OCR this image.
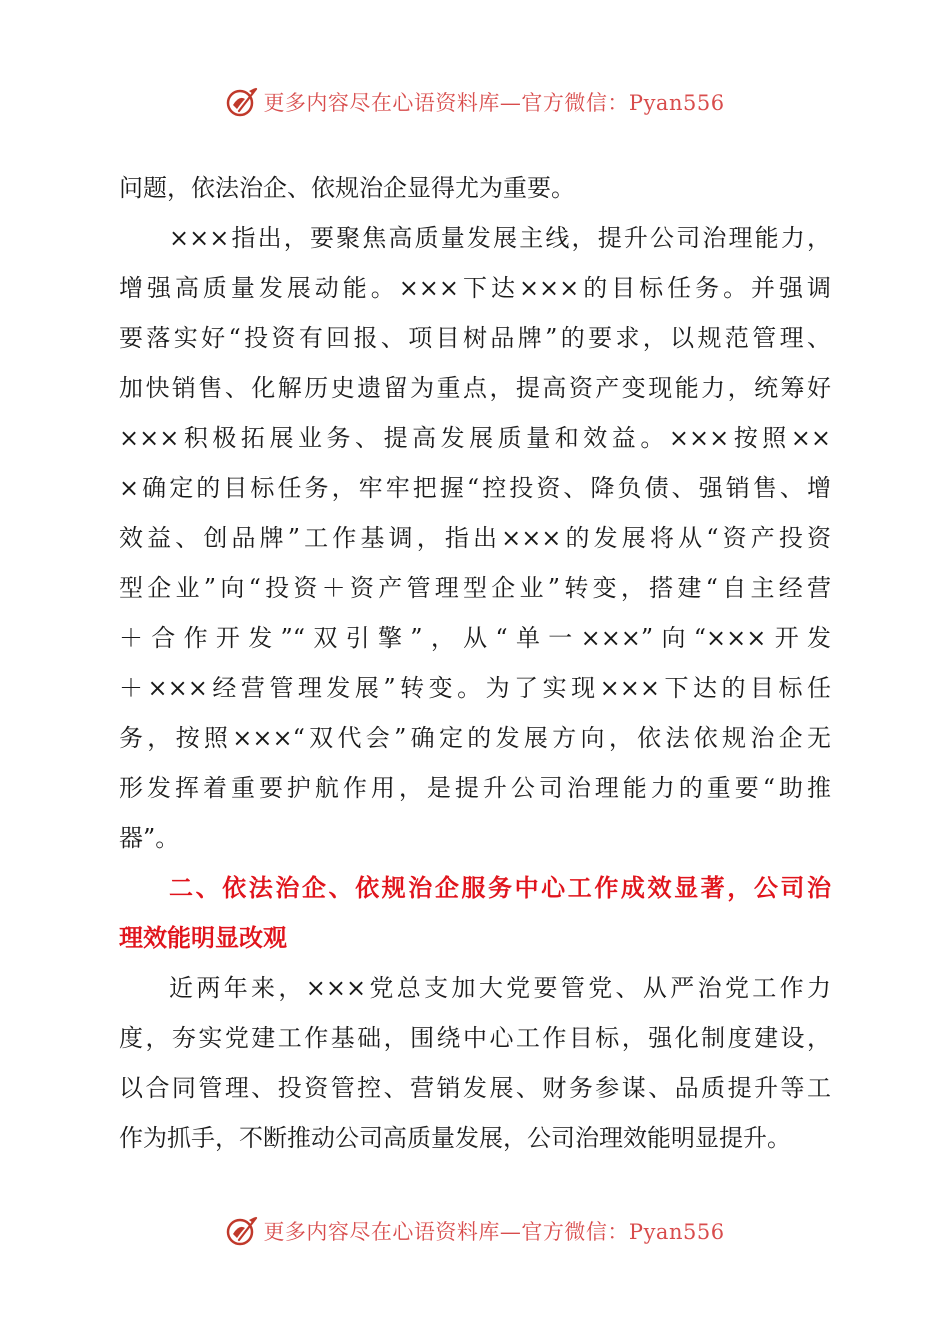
更多内容尽在心语资料库—官方微信：Pyan556
问题，依法治企、依规治企显得尤为重要。
×××指出，要聚焦高质量发展主线，提升公司治理能力，
增强高质量发展动能。×××下达×××的目标任务。并强调
要落实好“投资有回报、项目树品牌”的要求，以规范管理、
加快销售、化解历史遗留为重点，提高资产变现能力，统筹好
×××积极拓展业务、提高发展质量和效益。×××按照××
×确定的目标任务，牢牢把握“控投资、降负债、强销售、增
效益、创品牌”工作基调，指出×××的发展将从“资产投资
型企业”向“投资＋资产管理型企业”转变，搭建“自主经营
＋合作开发”“双引擎”，从“单一×××”向“×××开发
＋×××经营管理发展”转变。为了实现×××下达的目标任
务，按照×××“双代会”确定的发展方向，依法依规治企无
形发挥着重要护航作用，是提升公司治理能力的重要“助推
器”。
二、依法治企、依规治企服务中心工作成效显著，公司治
理效能明显改观
近两年来，×××党总支加大党要管党、从严治党工作力
度，夯实党建工作基础，围绕中心工作目标，强化制度建设，
以合同管理、投资管控、营销发展、财务参谋、品质提升等工
作为抓手，不断推动公司高质量发展，公司治理效能明显提升。
更多内容尽在心语资料库—官方微信：Pyan556
